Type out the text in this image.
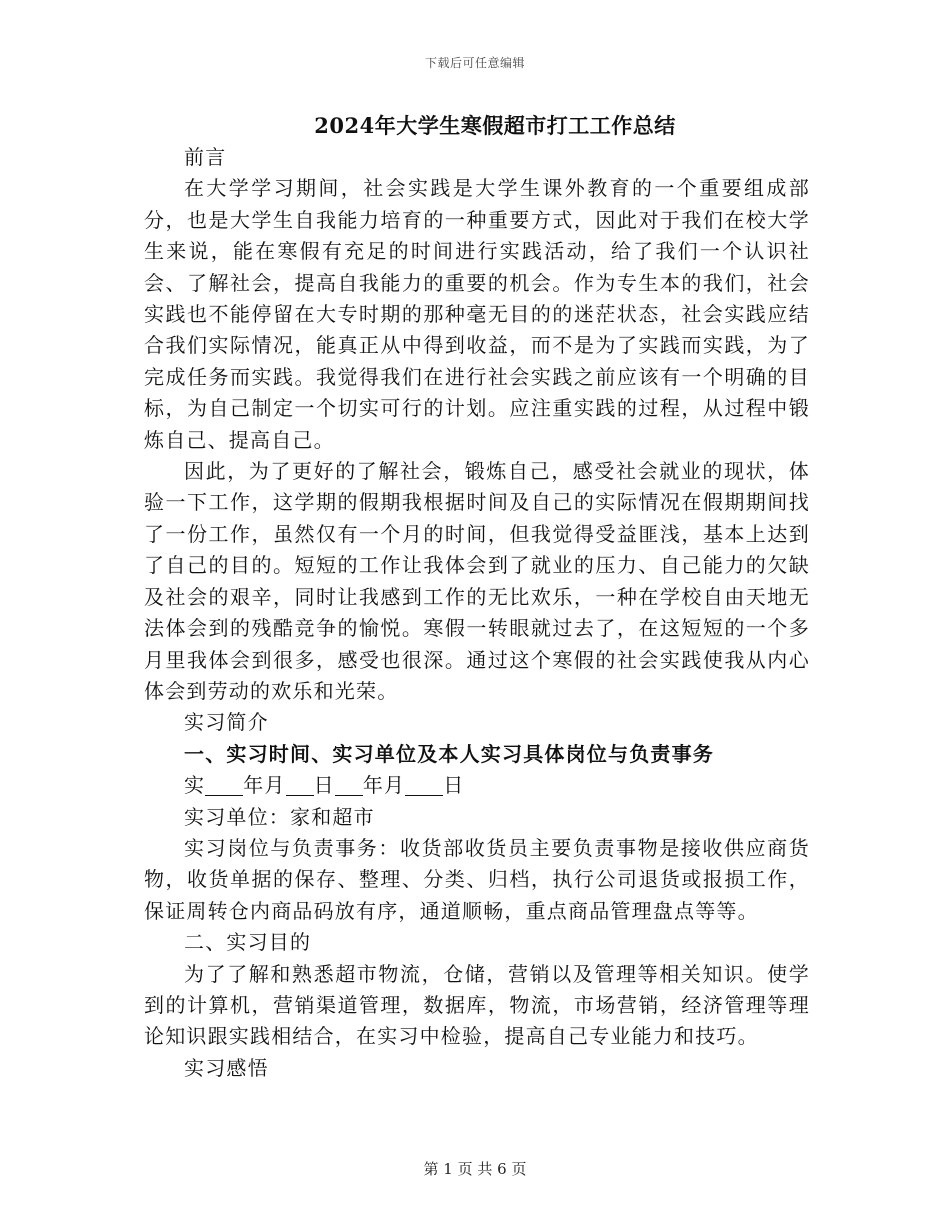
下载后可任意编辑
2024年大学生寒假超市打工工作总结

前言

在大学学习期间，社会实践是大学生课外教育的一个重要组成部分，也是大学生自我能力培育的一种重要方式，因此对于我们在校大学生来说，能在寒假有充足的时间进行实践活动，给了我们一个认识社会、了解社会，提高自我能力的重要的机会。作为专生本的我们，社会实践也不能停留在大专时期的那种毫无目的的迷茫状态，社会实践应结合我们实际情况，能真正从中得到收益，而不是为了实践而实践，为了完成任务而实践。我觉得我们在进行社会实践之前应该有一个明确的目标，为自己制定一个切实可行的计划。应注重实践的过程，从过程中锻炼自己、提高自己。

因此，为了更好的了解社会，锻炼自己，感受社会就业的现状，体验一下工作，这学期的假期我根据时间及自己的实际情况在假期期间找了一份工作，虽然仅有一个月的时间，但我觉得受益匪浅，基本上达到了自己的目的。短短的工作让我体会到了就业的压力、自己能力的欠缺及社会的艰辛，同时让我感到工作的无比欢乐，一种在学校自由天地无法体会到的残酷竞争的愉悦。寒假一转眼就过去了，在这短短的一个多月里我体会到很多，感受也很深。通过这个寒假的社会实践使我从内心体会到劳动的欢乐和光荣。

实习简介

一、实习时间、实习单位及本人实习具体岗位与负责事务

实 年月 日 年月 日

实习单位：家和超市

实习岗位与负责事务：收货部收货员主要负责事物是接收供应商货物，收货单据的保存、整理、分类、归档，执行公司退货或报损工作，保证周转仓内商品码放有序，通道顺畅，重点商品管理盘点等等。

二、实习目的

为了了解和熟悉超市物流，仓储，营销以及管理等相关知识。使学到的计算机，营销渠道管理，数据库，物流，市场营销，经济管理等理论知识跟实践相结合，在实习中检验，提高自己专业能力和技巧。

实习感悟

第 1 页 共 6 页
